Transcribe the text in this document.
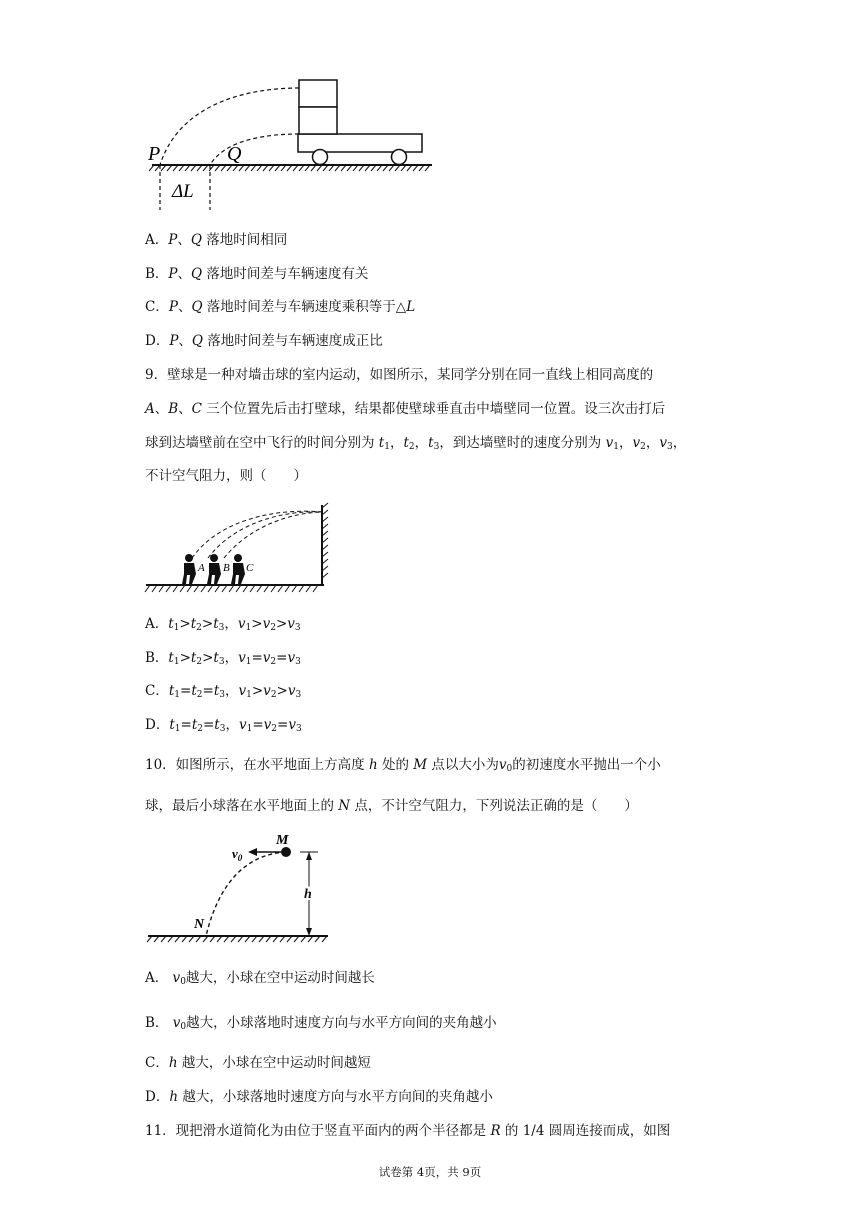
P	Q
ΔL
A．P、Q 落地时间相同
B．P、Q 落地时间差与车辆速度有关
C．P、Q 落地时间差与车辆速度乘积等于△L
D．P、Q 落地时间差与车辆速度成正比
9．壁球是一种对墙击球的室内运动，如图所示，某同学分别在同一直线上相同高度的
A、B、C 三个位置先后击打壁球，结果都使壁球垂直击中墙壁同一位置。设三次击打后
球到达墙壁前在空中飞行的时间分别为 $t_1$，$t_2$，$t_3$，到达墙壁时的速度分别为 $v_1$，$v_2$，$v_3$，
不计空气阻力，则（　　）
A B C
A．$t_1>t_2>t_3$，$v_1>v_2>v_3$
B．$t_1>t_2>t_3$，$v_1=v_2=v_3$
C．$t_1=t_2=t_3$，$v_1>v_2>v_3$
D．$t_1=t_2=t_3$，$v_1=v_2=v_3$
10．如图所示，在水平地面上方高度 h 处的 M 点以大小为$v_0$的初速度水平抛出一个小
球，最后小球落在水平地面上的 N 点，不计空气阻力，下列说法正确的是（　　）
M
$v_0$
h
N
A． $v_0$越大，小球在空中运动时间越长
B． $v_0$越大，小球落地时速度方向与水平方向间的夹角越小
C．h 越大，小球在空中运动时间越短
D．h 越大，小球落地时速度方向与水平方向间的夹角越小
11．现把滑水道简化为由位于竖直平面内的两个半径都是 R 的 1/4 圆周连接而成，如图
试卷第 4页，共 9页
